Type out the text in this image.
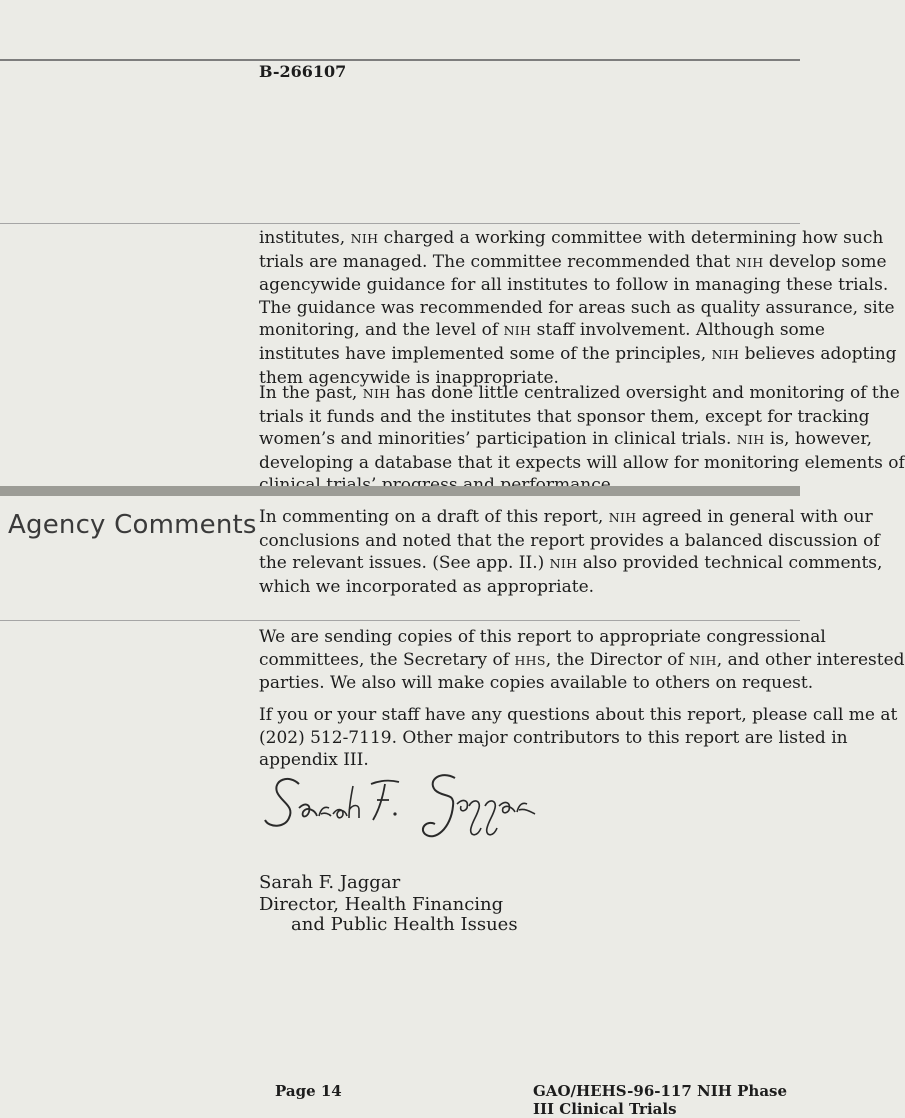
B-266107
institutes, NIH charged a working committee with determining how such
trials are managed. The committee recommended that NIH develop some
agencywide guidance for all institutes to follow in managing these trials.
The guidance was recommended for areas such as quality assurance, site
monitoring, and the level of NIH staff involvement. Although some
institutes have implemented some of the principles, NIH believes adopting
them agencywide is inappropriate.
In the past, NIH has done little centralized oversight and monitoring of the
trials it funds and the institutes that sponsor them, except for tracking
women’s and minorities’ participation in clinical trials. NIH is, however,
developing a database that it expects will allow for monitoring elements of
Agency Comments In commenting on a draft of this report, NIH agreed in general with our
conclusions and noted that the report provides a balanced discussion of
the relevant issues. (See app. II.) NIH also provided technical comments,
which we incorporated as appropriate.
We are sending copies of this report to appropriate congressional
committees, the Secretary of HHS, the Director of NIH, and other interested
parties. We also will make copies available to others on request.
If you or your staff have any questions about this report, please call me at
(202) 512-7119. Other major contributors to this report are listed in
appendix III.
Sarah F. Jaggar
Director, Health Financing
and Public Health Issues
Page 14	GAO/HEHS-96-117 NIH Phase III Clinical Trials
